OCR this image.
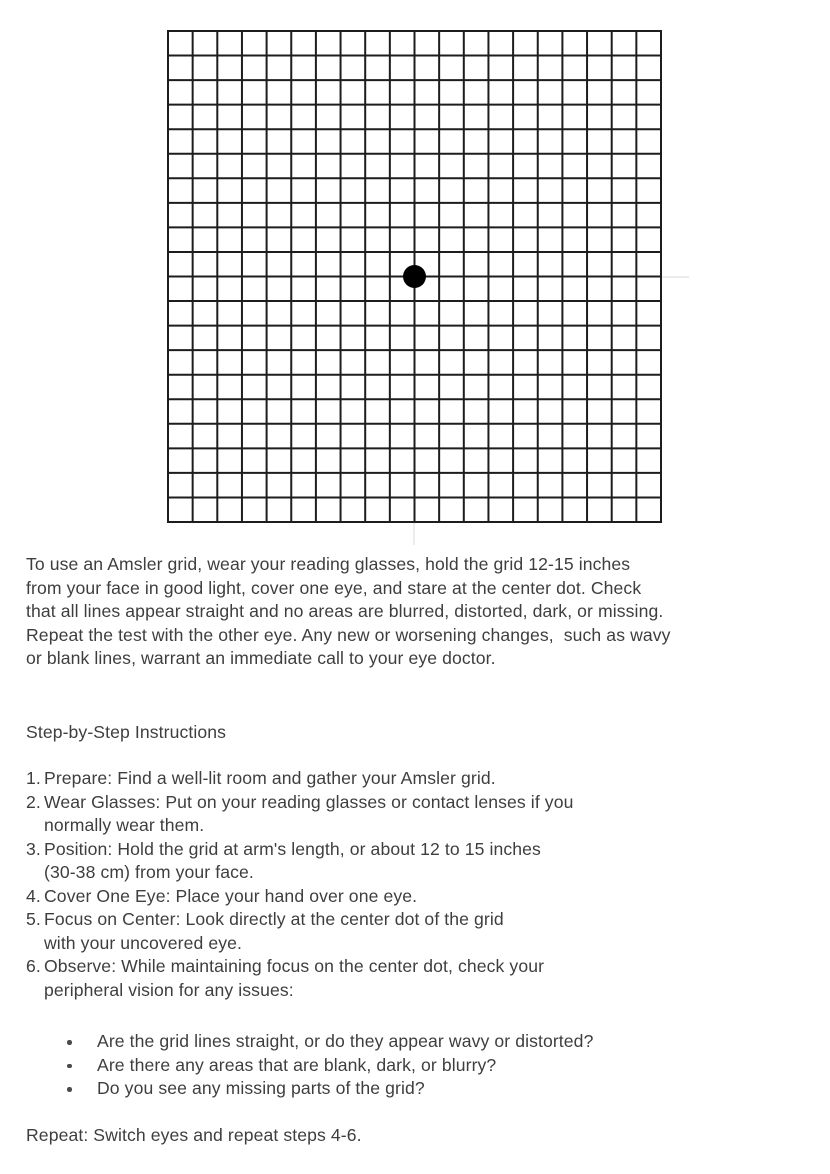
To use an Amsler grid, wear your reading glasses, hold the grid 12-15 inches
from your face in good light, cover one eye, and stare at the center dot. Check
that all lines appear straight and no areas are blurred, distorted, dark, or missing.
Repeat the test with the other eye. Any new or worsening changes,  such as wavy
or blank lines, warrant an immediate call to your eye doctor.
Step-by-Step Instructions
1. Prepare: Find a well-lit room and gather your Amsler grid.
2. Wear Glasses: Put on your reading glasses or contact lenses if you
normally wear them.
3. Position: Hold the grid at arm's length, or about 12 to 15 inches
(30-38 cm) from your face.
4. Cover One Eye: Place your hand over one eye.
5. Focus on Center: Look directly at the center dot of the grid
with your uncovered eye.
6. Observe: While maintaining focus on the center dot, check your
peripheral vision for any issues:
Are the grid lines straight, or do they appear wavy or distorted?
Are there any areas that are blank, dark, or blurry?
Do you see any missing parts of the grid?
Repeat: Switch eyes and repeat steps 4-6.
